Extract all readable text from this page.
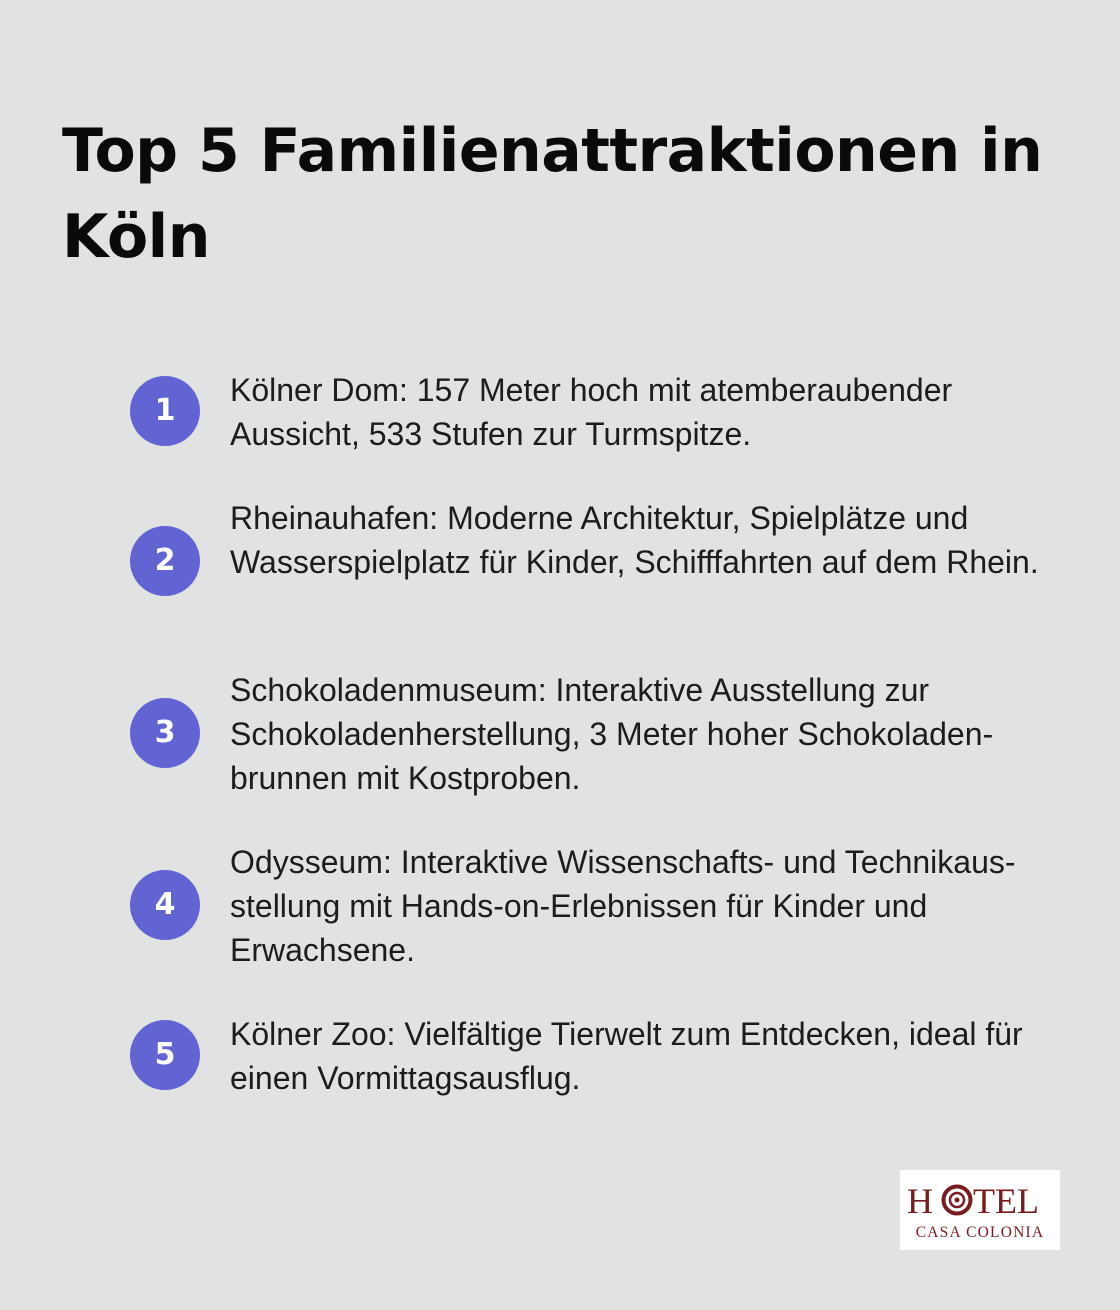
Top 5 Familienattraktionen in Köln
1

Kölner Dom: 157 Meter hoch mit atemberaubender Aussicht, 533 Stufen zur Turmspitze.

2

Rheinauhafen: Moderne Architektur, Spielplätze und Wasserspielplatz für Kinder, Schifffahrten auf dem Rhein.

3

Schokoladenmuseum: Interaktive Ausstellung zur Schokoladenherstellung, 3 Meter hoher Schokoladenbrunnen mit Kostproben.

4

Odysseum: Interaktive Wissenschafts- und Technikausstellung mit Hands-on-Erlebnissen für Kinder und Erwachsene.

5

Kölner Zoo: Vielfältige Tierwelt zum Entdecken, ideal für einen Vormittagsausflug.

H TEL
CASA COLONIA
